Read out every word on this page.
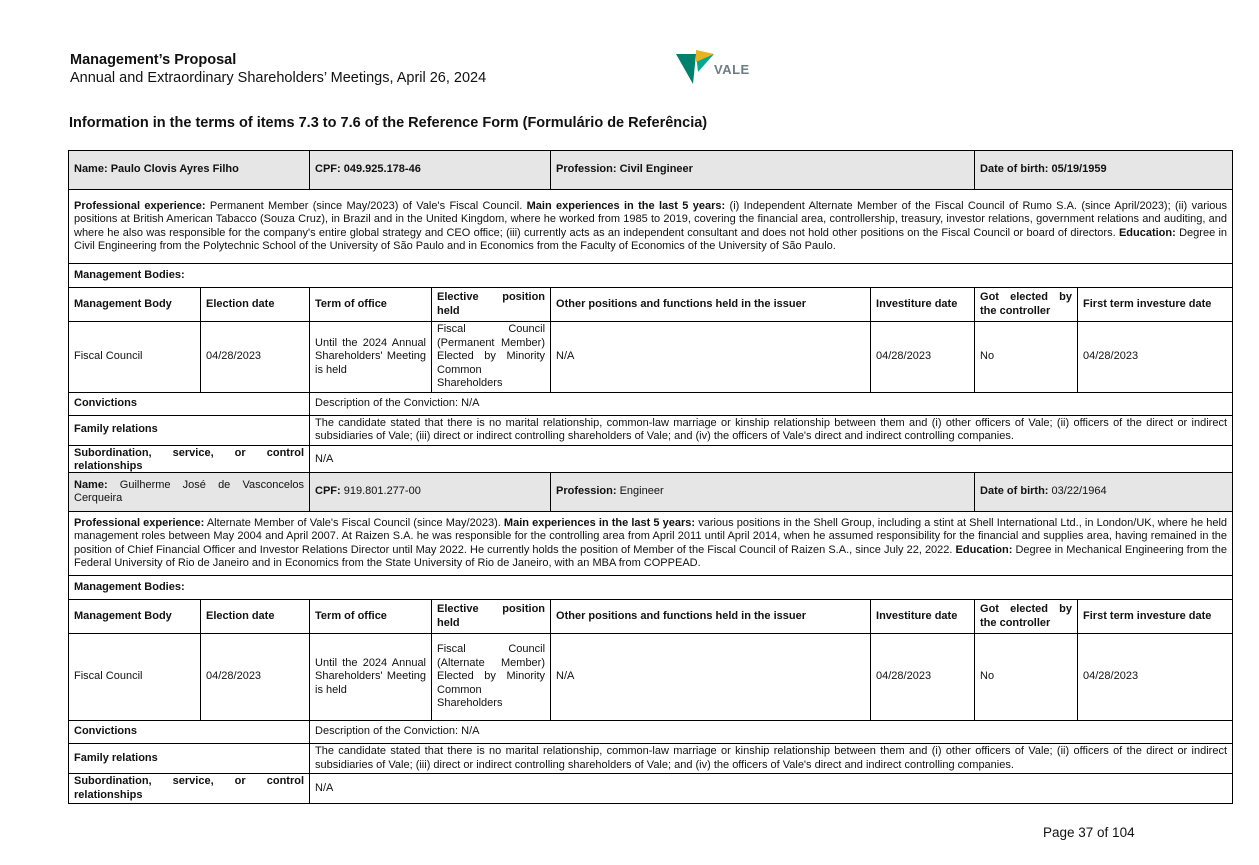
Management’s Proposal
Annual and Extraordinary Shareholders’ Meetings, April 26, 2024
VALE
Information in the terms of items 7.3 to 7.6 of the Reference Form (Formulário de Referência)
Name: Paulo Clovis Ayres Filho		CPF: 049.925.178-46		Profession: Civil Engineer		Date of birth: 05/19/1959	
Professional experience: Permanent Member (since May/2023) of Vale's Fiscal Council. Main experiences in the last 5 years: (i) Independent Alternate Member of the Fiscal Council of Rumo S.A. (since April/2023); (ii) various positions at British American Tabacco (Souza Cruz), in Brazil and in the United Kingdom, where he worked from 1985 to 2019, covering the financial area, controllership, treasury, investor relations, government relations and auditing, and where he also was responsible for the company's entire global strategy and CEO office; (iii) currently acts as an independent consultant and does not hold other positions on the Fiscal Council or board of directors. Education: Degree in Civil Engineering from the Polytechnic School of the University of São Paulo and in Economics from the Faculty of Economics of the University of São Paulo.							
Management Bodies:							
Management Body	Election date	Term of office	Elective position held	Other positions and functions held in the issuer	Investiture date	Got elected by the controller	First term investure date
Fiscal Council	04/28/2023	Until the 2024 Annual Shareholders' Meeting is held	Fiscal Council (Permanent Member) Elected by Minority Common Shareholders	N/A	04/28/2023	No	04/28/2023
Convictions		Description of the Conviction: N/A					
Family relations		The candidate stated that there is no marital relationship, common-law marriage or kinship relationship between them and (i) other officers of Vale; (ii) officers of the direct or indirect subsidiaries of Vale; (iii) direct or indirect controlling shareholders of Vale; and (iv) the officers of Vale's direct and indirect controlling companies.					
Subordination, service, or control relationships		N/A					
Name: Guilherme José de Vasconcelos Cerqueira		CPF: 919.801.277-00		Profession: Engineer		Date of birth: 03/22/1964	
Professional experience: Alternate Member of Vale's Fiscal Council (since May/2023). Main experiences in the last 5 years: various positions in the Shell Group, including a stint at Shell International Ltd., in London/UK, where he held management roles between May 2004 and April 2007. At Raizen S.A. he was responsible for the controlling area from April 2011 until April 2014, when he assumed responsibility for the financial and supplies area, having remained in the position of Chief Financial Officer and Investor Relations Director until May 2022. He currently holds the position of Member of the Fiscal Council of Raizen S.A., since July 22, 2022. Education: Degree in Mechanical Engineering from the Federal University of Rio de Janeiro and in Economics from the State University of Rio de Janeiro, with an MBA from COPPEAD.							
Management Bodies:							
Management Body	Election date	Term of office	Elective position held	Other positions and functions held in the issuer	Investiture date	Got elected by the controller	First term investure date
Fiscal Council	04/28/2023	Until the 2024 Annual Shareholders' Meeting is held	Fiscal Council (Alternate Member) Elected by Minority Common Shareholders	N/A	04/28/2023	No	04/28/2023
Convictions		Description of the Conviction: N/A					
Family relations		The candidate stated that there is no marital relationship, common-law marriage or kinship relationship between them and (i) other officers of Vale; (ii) officers of the direct or indirect subsidiaries of Vale; (iii) direct or indirect controlling shareholders of Vale; and (iv) the officers of Vale's direct and indirect controlling companies.					
Subordination, service, or control relationships		N/A					
Page 37 of 104
